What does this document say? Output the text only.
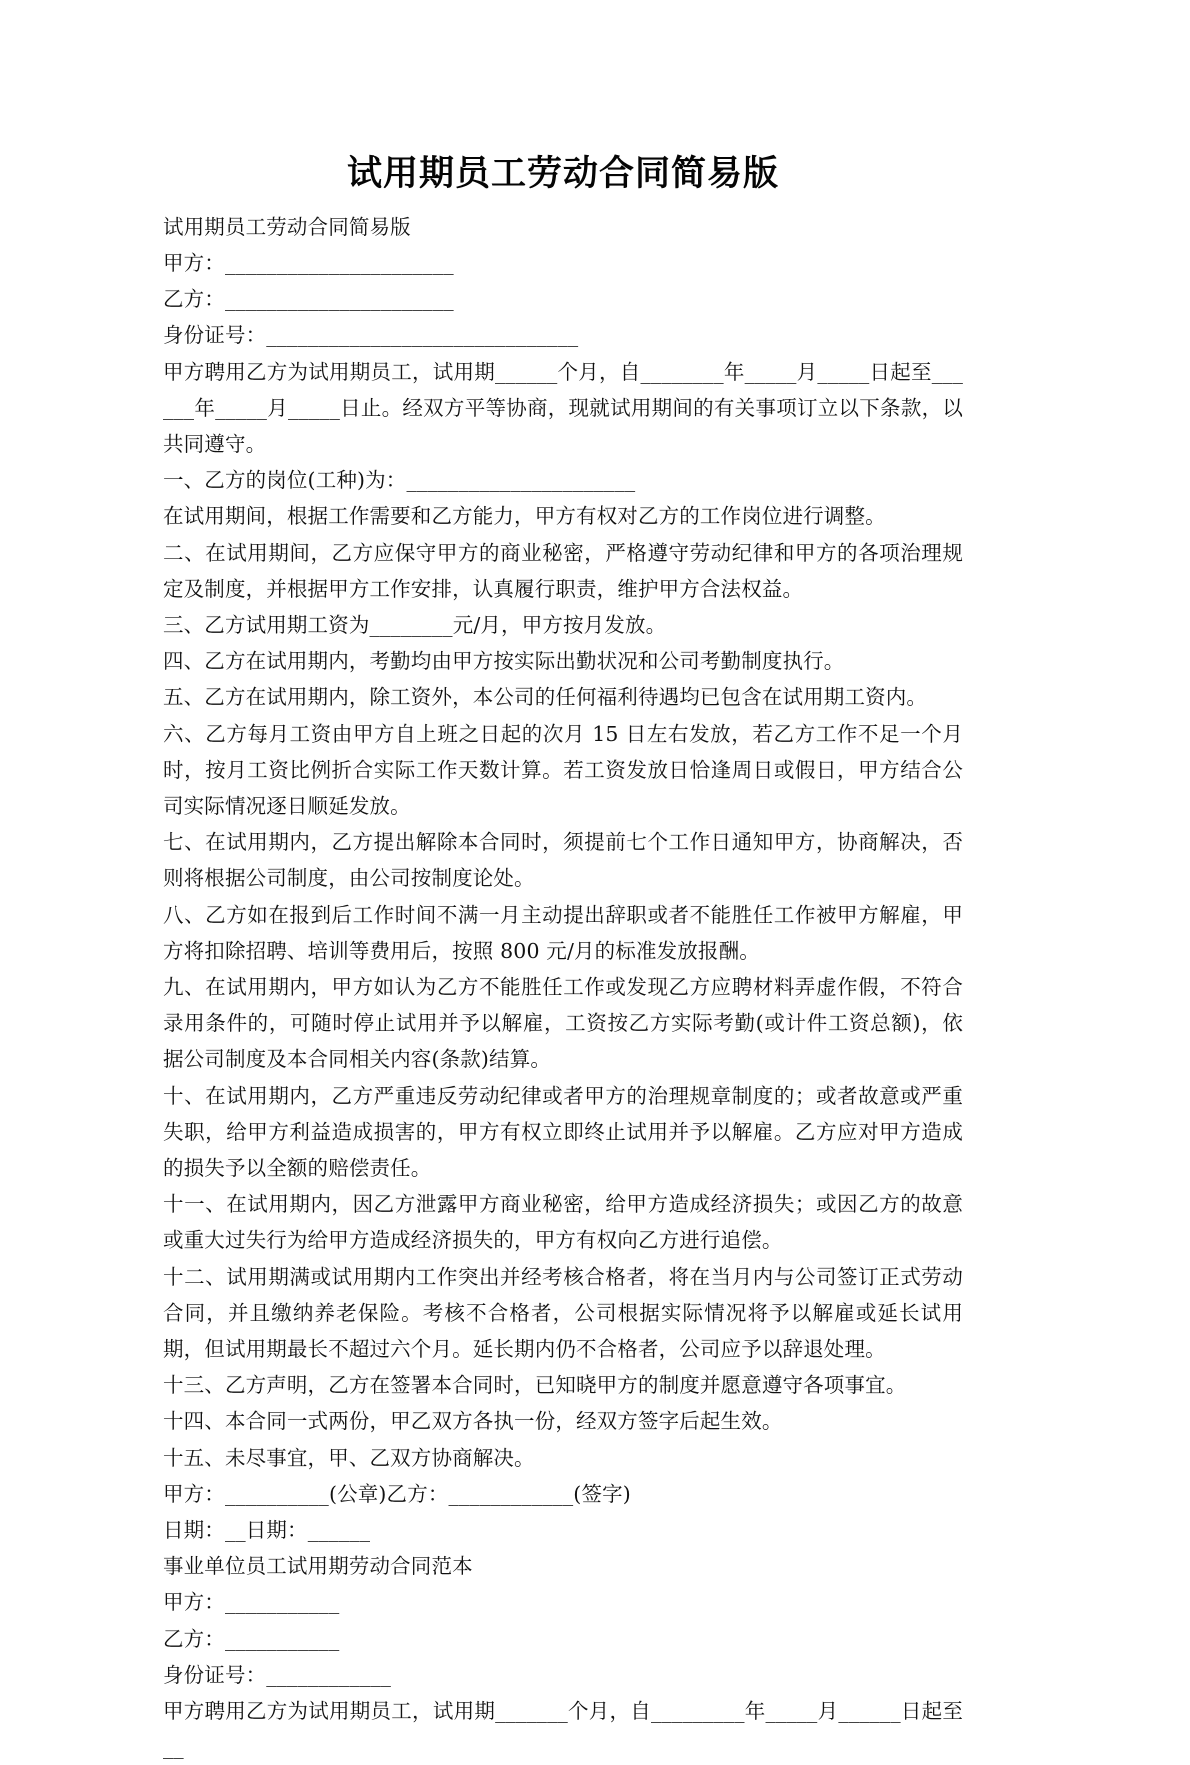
试用期员工劳动合同简易版

试用期员工劳动合同简易版

甲方：______________________

乙方：______________________

身份证号：______________________________

甲方聘用乙方为试用期员工，试用期______个月，自________年_____月_____日起至______年_____月_____日止。经双方平等协商，现就试用期间的有关事项订立以下条款，以共同遵守。

一、乙方的岗位(工种)为：______________________

在试用期间，根据工作需要和乙方能力，甲方有权对乙方的工作岗位进行调整。

二、在试用期间，乙方应保守甲方的商业秘密，严格遵守劳动纪律和甲方的各项治理规定及制度，并根据甲方工作安排，认真履行职责，维护甲方合法权益。

三、乙方试用期工资为________元/月，甲方按月发放。

四、乙方在试用期内，考勤均由甲方按实际出勤状况和公司考勤制度执行。

五、乙方在试用期内，除工资外，本公司的任何福利待遇均已包含在试用期工资内。

六、乙方每月工资由甲方自上班之日起的次月 15 日左右发放，若乙方工作不足一个月时，按月工资比例折合实际工作天数计算。若工资发放日恰逢周日或假日，甲方结合公司实际情况逐日顺延发放。

七、在试用期内，乙方提出解除本合同时，须提前七个工作日通知甲方，协商解决，否则将根据公司制度，由公司按制度论处。

八、乙方如在报到后工作时间不满一月主动提出辞职或者不能胜任工作被甲方解雇，甲方将扣除招聘、培训等费用后，按照 800 元/月的标准发放报酬。

九、在试用期内，甲方如认为乙方不能胜任工作或发现乙方应聘材料弄虚作假，不符合录用条件的，可随时停止试用并予以解雇，工资按乙方实际考勤(或计件工资总额)，依据公司制度及本合同相关内容(条款)结算。

十、在试用期内，乙方严重违反劳动纪律或者甲方的治理规章制度的；或者故意或严重失职，给甲方利益造成损害的，甲方有权立即终止试用并予以解雇。乙方应对甲方造成的损失予以全额的赔偿责任。

十一、在试用期内，因乙方泄露甲方商业秘密，给甲方造成经济损失；或因乙方的故意或重大过失行为给甲方造成经济损失的，甲方有权向乙方进行追偿。

十二、试用期满或试用期内工作突出并经考核合格者，将在当月内与公司签订正式劳动合同，并且缴纳养老保险。考核不合格者，公司根据实际情况将予以解雇或延长试用期，但试用期最长不超过六个月。延长期内仍不合格者，公司应予以辞退处理。

十三、乙方声明，乙方在签署本合同时，已知晓甲方的制度并愿意遵守各项事宜。

十四、本合同一式两份，甲乙双方各执一份，经双方签字后起生效。

十五、未尽事宜，甲、乙双方协商解决。

甲方：__________(公章)乙方：____________(签字)

日期：__日期：______

事业单位员工试用期劳动合同范本

甲方：___________

乙方：___________

身份证号：____________

甲方聘用乙方为试用期员工，试用期_______个月，自_________年_____月______日起至__
